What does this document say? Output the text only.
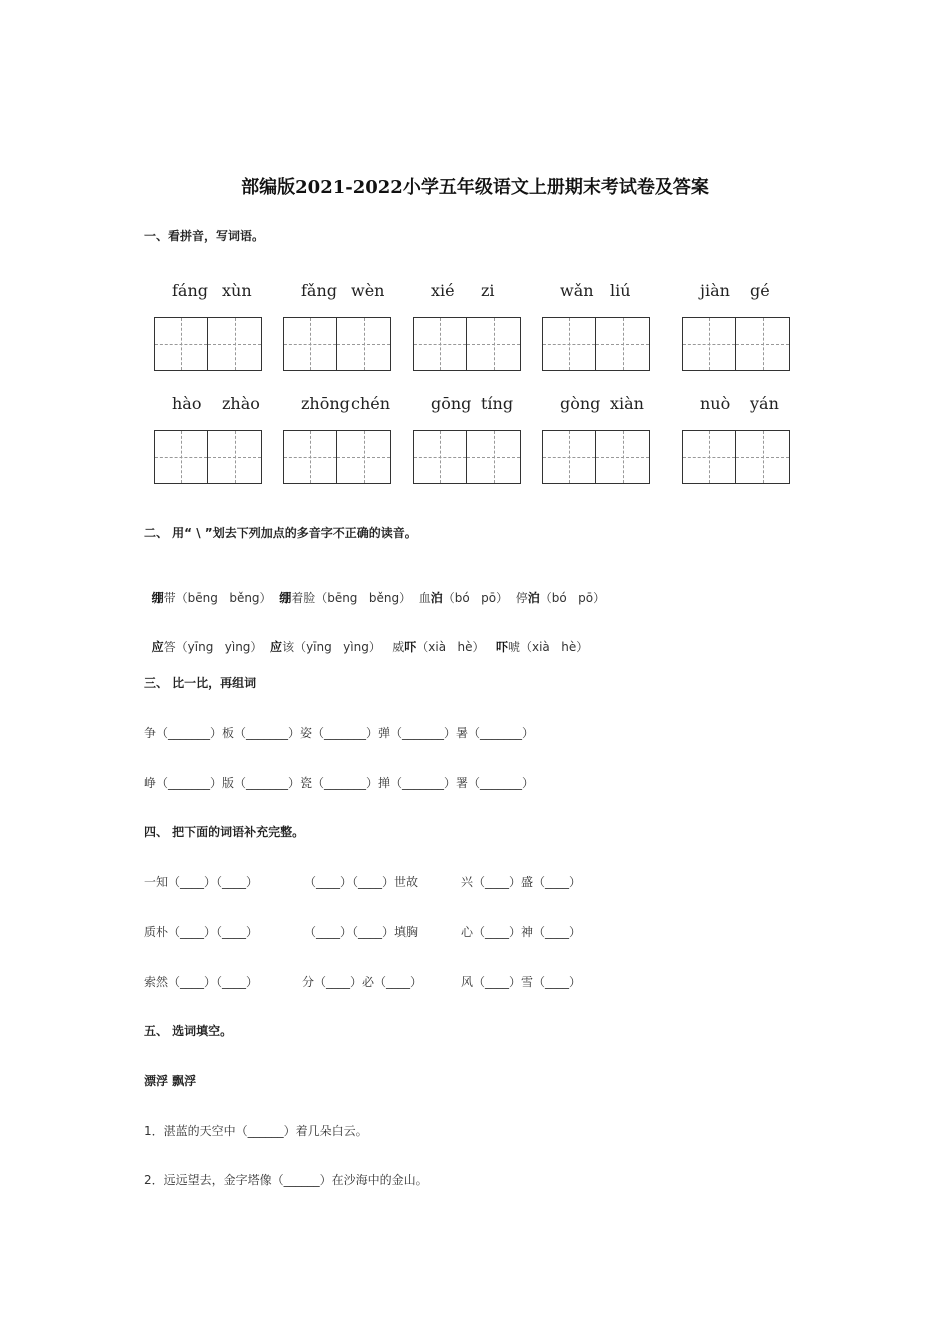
部编版2021-2022小学五年级语文上册期末考试卷及答案
一、看拼音，写词语。
fáng xùn	fǎng wèn	xié zi	wǎn liú	jiàn gé
hào zhào	zhōng chén	gōng tíng	gòng xiàn	nuò yán
二、 用“ \ ”划去下列加点的多音字不正确的读音。

绷带（bēng   běng） 绷着脸（bēng   běng）  血泊（bó   pō）  停泊（bó   pō）

应答（yīng   yìng）  应该（yīng   yìng）   威吓（xià   hè）   吓唬（xià   hè）

三、 比一比，再组词
争（_______）板（_______）姿（_______）弹（_______）暑（_______）
峥（_______）版（_______）瓷（_______）掸（_______）署（_______）
四、 把下面的词语补充完整。
一知（____）（____）	（____）（____）世故	兴（____）盛（____）
质朴（____）（____）	（____）（____）填胸	心（____）神（____）
索然（____）（____）	分（____）必（____）	风（____）雪（____）
五、 选词填空。
漂浮 飘浮
1．湛蓝的天空中（______）着几朵白云。
2．远远望去，金字塔像（______）在沙海中的金山。
